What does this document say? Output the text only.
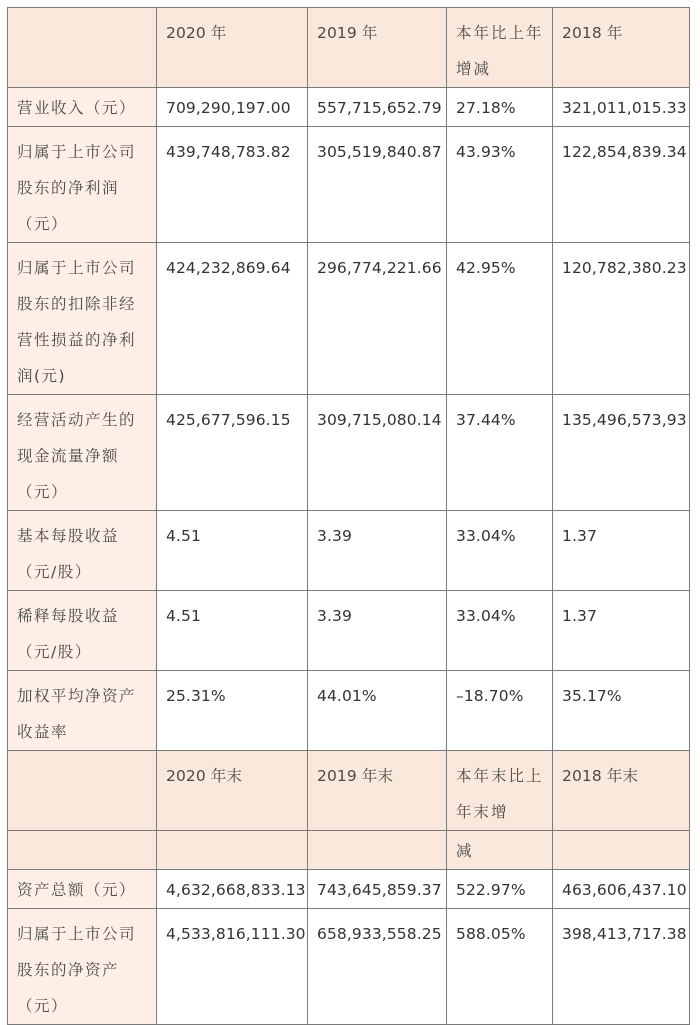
	2020 年	2019 年	本年比上年增减	2018 年
营业收入（元）	709,290,197.00	557,715,652.79	27.18%	321,011,015.33
归属于上市公司股东的净利润（元）	439,748,783.82	305,519,840.87	43.93%	122,854,839.34
归属于上市公司股东的扣除非经营性损益的净利润(元)	424,232,869.64	296,774,221.66	42.95%	120,782,380.23
经营活动产生的现金流量净额（元）	425,677,596.15	309,715,080.14	37.44%	135,496,573,93
基本每股收益（元/股）	4.51	3.39	33.04%	1.37
稀释每股收益（元/股）	4.51	3.39	33.04%	1.37
加权平均净资产收益率	25.31%	44.01%	–18.70%	35.17%
	2020 年末	2019 年末	本年末比上年末增	2018 年末
			减	
资产总额（元）	4,632,668,833.13	743,645,859.37	522.97%	463,606,437.10
归属于上市公司股东的净资产（元）	4,533,816,111.30	658,933,558.25	588.05%	398,413,717.38
